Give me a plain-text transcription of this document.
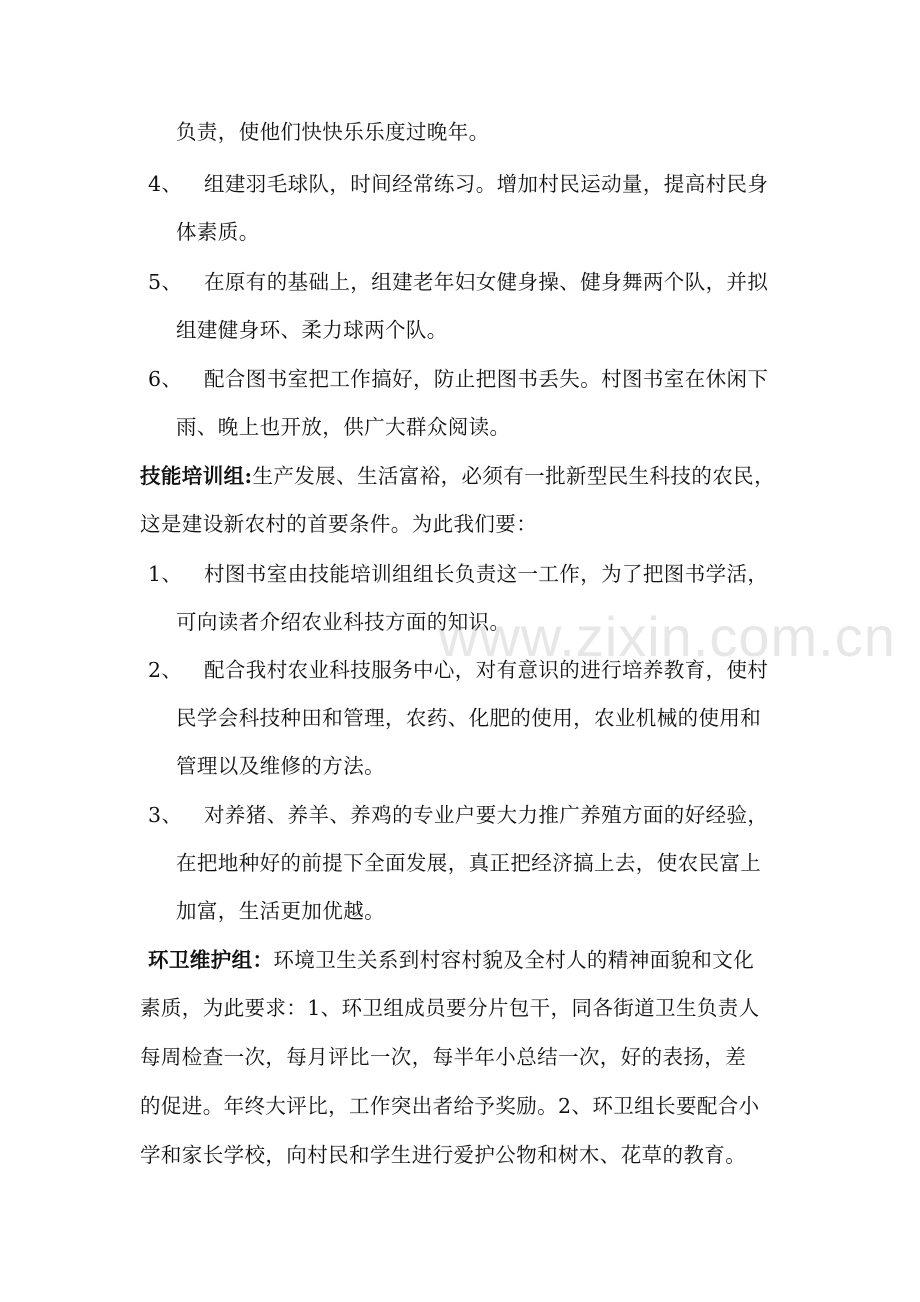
负责，使他们快快乐乐度过晚年。
4、 组建羽毛球队，时间经常练习。增加村民运动量，提高村民身
体素质。
5、 在原有的基础上，组建老年妇女健身操、健身舞两个队，并拟
组建健身环、柔力球两个队。
6、 配合图书室把工作搞好，防止把图书丢失。村图书室在休闲下
雨、晚上也开放，供广大群众阅读。
技能培训组:生产发展、生活富裕，必须有一批新型民生科技的农民，
这是建设新农村的首要条件。为此我们要：
1、 村图书室由技能培训组组长负责这一工作，为了把图书学活，
可向读者介绍农业科技方面的知识。
2、 配合我村农业科技服务中心，对有意识的进行培养教育，使村
民学会科技种田和管理，农药、化肥的使用，农业机械的使用和
管理以及维修的方法。
3、 对养猪、养羊、养鸡的专业户要大力推广养殖方面的好经验，
在把地种好的前提下全面发展，真正把经济搞上去，使农民富上
加富，生活更加优越。
环卫维护组：环境卫生关系到村容村貌及全村人的精神面貌和文化
素质，为此要求：1、环卫组成员要分片包干，同各街道卫生负责人
每周检查一次，每月评比一次，每半年小总结一次，好的表扬，差
的促进。年终大评比，工作突出者给予奖励。2、环卫组长要配合小
学和家长学校，向村民和学生进行爱护公物和树木、花草的教育。
www.zixin.com.cn
